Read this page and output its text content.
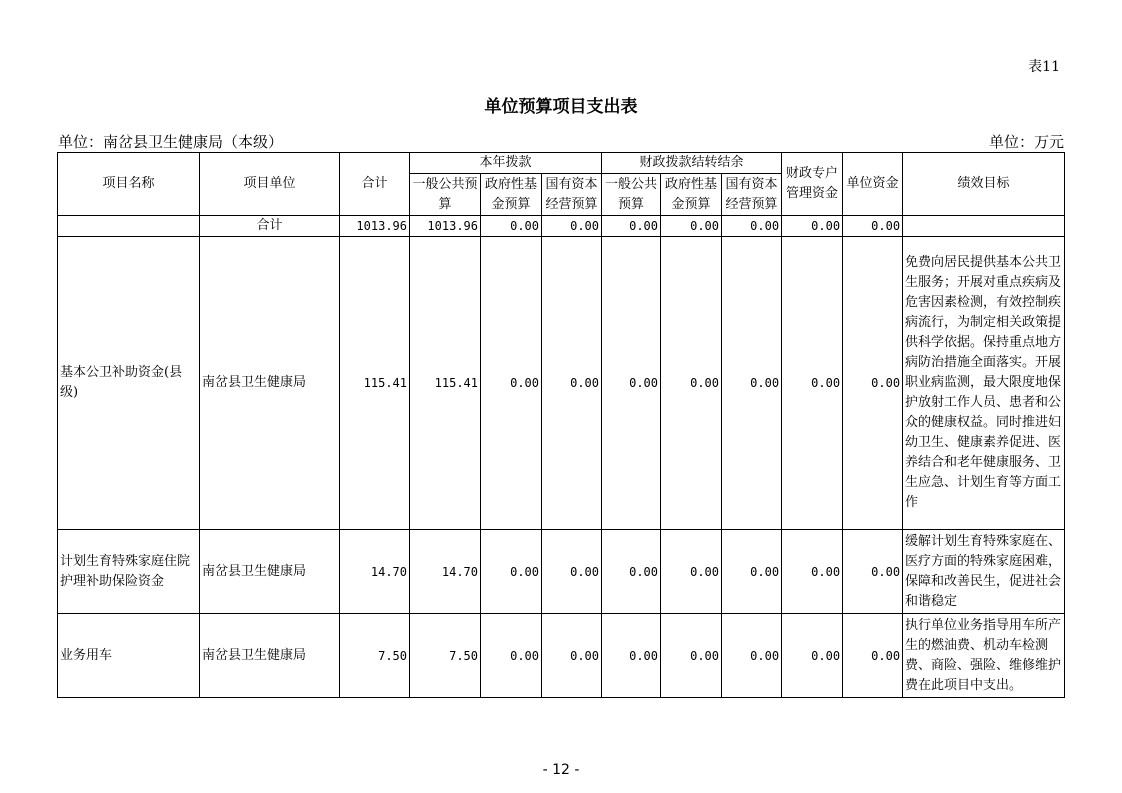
表11
单位预算项目支出表
单位：南岔县卫生健康局（本级）	单位：万元
项目名称	项目单位	合计	本年拨款			财政拨款结转结余			财政专户管理资金	单位资金	绩效目标
			一般公共预算	政府性基金预算	国有资本经营预算	一般公共预算	政府性基金预算	国有资本经营预算			
	合计	1013.96	1013.96	0.00	0.00	0.00	0.00	0.00	0.00	0.00	
基本公卫补助资金(县级)	南岔县卫生健康局	115.41	115.41	0.00	0.00	0.00	0.00	0.00	0.00	0.00	免费向居民提供基本公共卫生服务；开展对重点疾病及危害因素检测，有效控制疾病流行，为制定相关政策提供科学依据。保持重点地方病防治措施全面落实。开展职业病监测，最大限度地保护放射工作人员、患者和公众的健康权益。同时推进妇幼卫生、健康素养促进、医养结合和老年健康服务、卫生应急、计划生育等方面工作
计划生育特殊家庭住院护理补助保险资金	南岔县卫生健康局	14.70	14.70	0.00	0.00	0.00	0.00	0.00	0.00	0.00	缓解计划生育特殊家庭在、医疗方面的特殊家庭困难，保障和改善民生，促进社会和谐稳定
业务用车	南岔县卫生健康局	7.50	7.50	0.00	0.00	0.00	0.00	0.00	0.00	0.00	执行单位业务指导用车所产生的燃油费、机动车检测费、商险、强险、维修维护费在此项目中支出。
- 12 -
